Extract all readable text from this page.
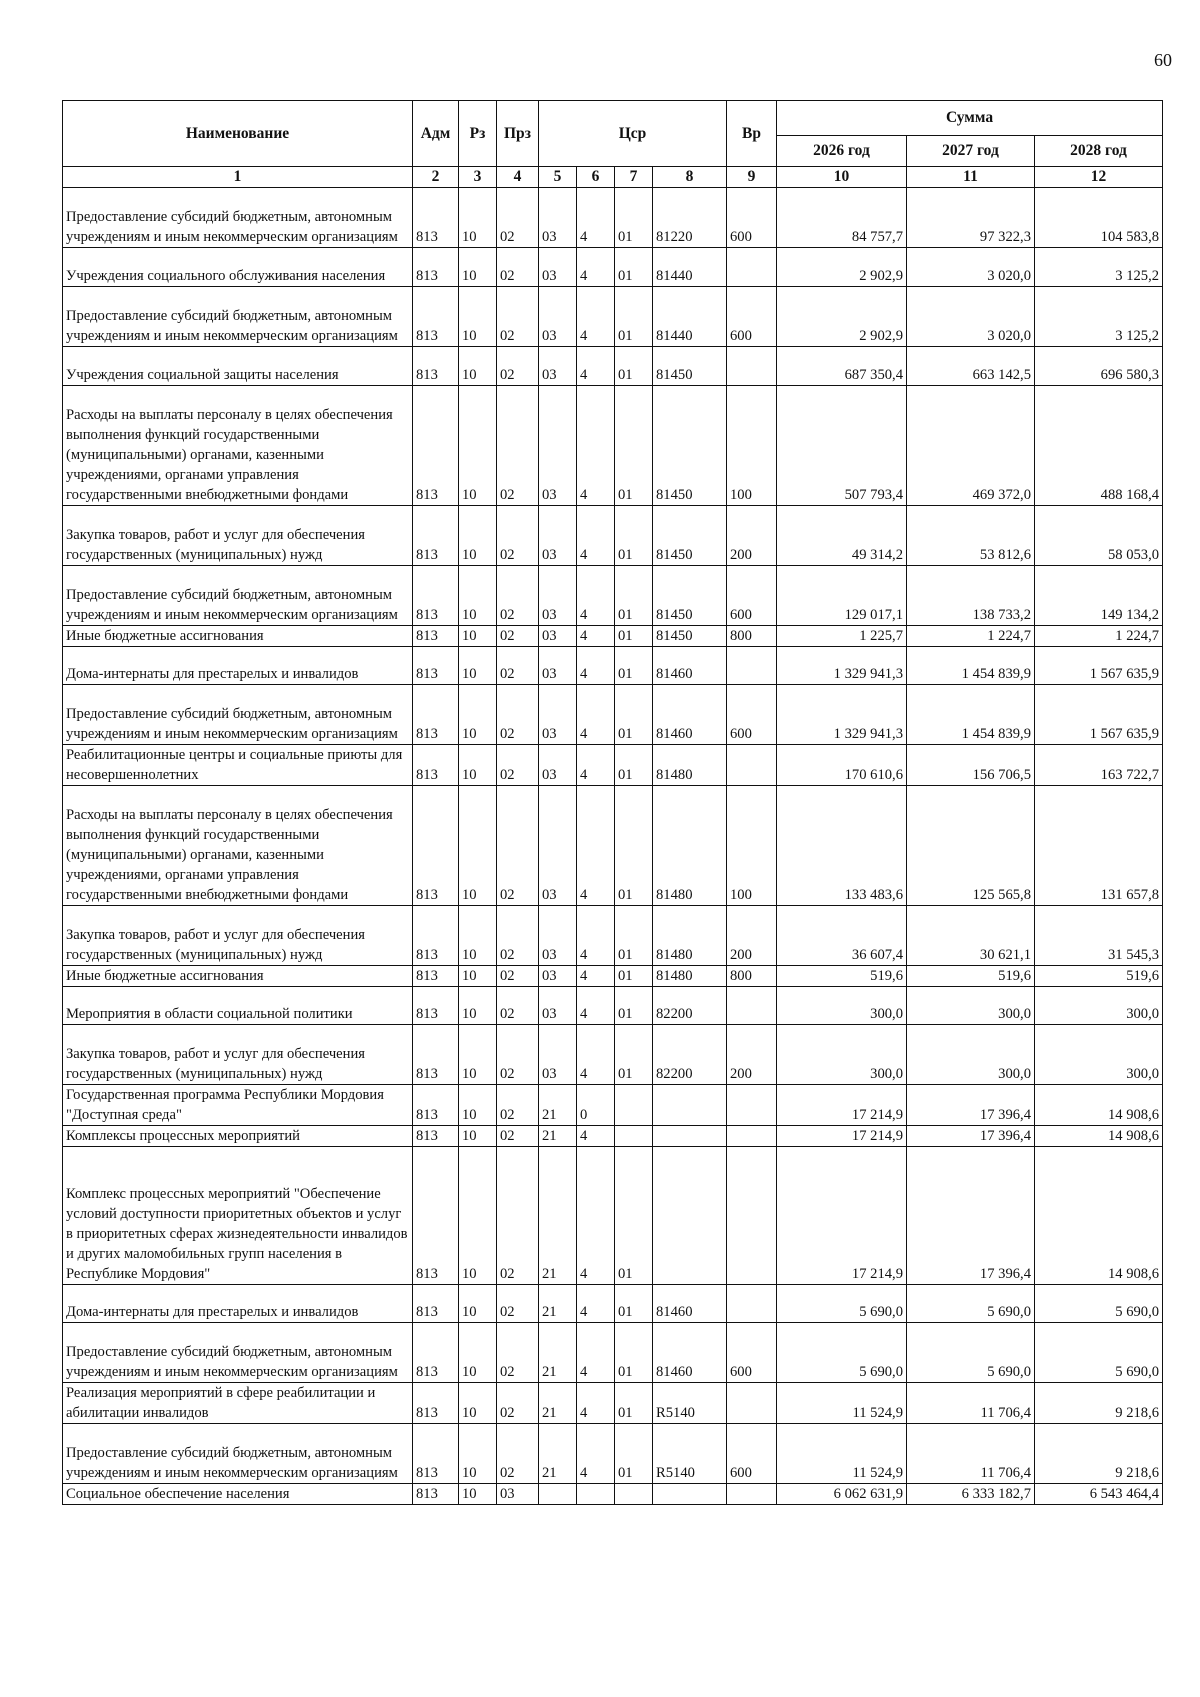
60
Наименование	Адм	Рз	Прз	Цср				Вр	Сумма		
									2026 год	2027 год	2028 год
1	2	3	4	5	6	7	8	9	10	11	12
Предоставление субсидий бюджетным, автономным учреждениям и иным некоммерческим организациям	813	10	02	03	4	01	81220	600	84 757,7	97 322,3	104 583,8
Учреждения социального обслуживания населения	813	10	02	03	4	01	81440		2 902,9	3 020,0	3 125,2
Предоставление субсидий бюджетным, автономным учреждениям и иным некоммерческим организациям	813	10	02	03	4	01	81440	600	2 902,9	3 020,0	3 125,2
Учреждения социальной защиты населения	813	10	02	03	4	01	81450		687 350,4	663 142,5	696 580,3
Расходы на выплаты персоналу в целях обеспечения выполнения функций государственными (муниципальными) органами, казенными учреждениями, органами управления государственными внебюджетными фондами	813	10	02	03	4	01	81450	100	507 793,4	469 372,0	488 168,4
Закупка товаров, работ и услуг для обеспечения государственных (муниципальных) нужд	813	10	02	03	4	01	81450	200	49 314,2	53 812,6	58 053,0
Предоставление субсидий бюджетным, автономным учреждениям и иным некоммерческим организациям	813	10	02	03	4	01	81450	600	129 017,1	138 733,2	149 134,2
Иные бюджетные ассигнования	813	10	02	03	4	01	81450	800	1 225,7	1 224,7	1 224,7
Дома-интернаты для престарелых и инвалидов	813	10	02	03	4	01	81460		1 329 941,3	1 454 839,9	1 567 635,9
Предоставление субсидий бюджетным, автономным учреждениям и иным некоммерческим организациям	813	10	02	03	4	01	81460	600	1 329 941,3	1 454 839,9	1 567 635,9
Реабилитационные центры и социальные приюты для несовершеннолетних	813	10	02	03	4	01	81480		170 610,6	156 706,5	163 722,7
Расходы на выплаты персоналу в целях обеспечения выполнения функций государственными (муниципальными) органами, казенными учреждениями, органами управления государственными внебюджетными фондами	813	10	02	03	4	01	81480	100	133 483,6	125 565,8	131 657,8
Закупка товаров, работ и услуг для обеспечения государственных (муниципальных) нужд	813	10	02	03	4	01	81480	200	36 607,4	30 621,1	31 545,3
Иные бюджетные ассигнования	813	10	02	03	4	01	81480	800	519,6	519,6	519,6
Мероприятия в области социальной политики	813	10	02	03	4	01	82200		300,0	300,0	300,0
Закупка товаров, работ и услуг для обеспечения государственных (муниципальных) нужд	813	10	02	03	4	01	82200	200	300,0	300,0	300,0
Государственная программа Республики Мордовия "Доступная среда"	813	10	02	21	0				17 214,9	17 396,4	14 908,6
Комплексы процессных мероприятий	813	10	02	21	4				17 214,9	17 396,4	14 908,6
Комплекс процессных мероприятий "Обеспечение условий доступности приоритетных объектов и услуг в приоритетных сферах жизнедеятельности инвалидов и других маломобильных групп населения в Республике Мордовия"	813	10	02	21	4	01			17 214,9	17 396,4	14 908,6
Дома-интернаты для престарелых и инвалидов	813	10	02	21	4	01	81460		5 690,0	5 690,0	5 690,0
Предоставление субсидий бюджетным, автономным учреждениям и иным некоммерческим организациям	813	10	02	21	4	01	81460	600	5 690,0	5 690,0	5 690,0
Реализация мероприятий в сфере реабилитации и абилитации инвалидов	813	10	02	21	4	01	R5140		11 524,9	11 706,4	9 218,6
Предоставление субсидий бюджетным, автономным учреждениям и иным некоммерческим организациям	813	10	02	21	4	01	R5140	600	11 524,9	11 706,4	9 218,6
Социальное обеспечение населения	813	10	03						6 062 631,9	6 333 182,7	6 543 464,4
